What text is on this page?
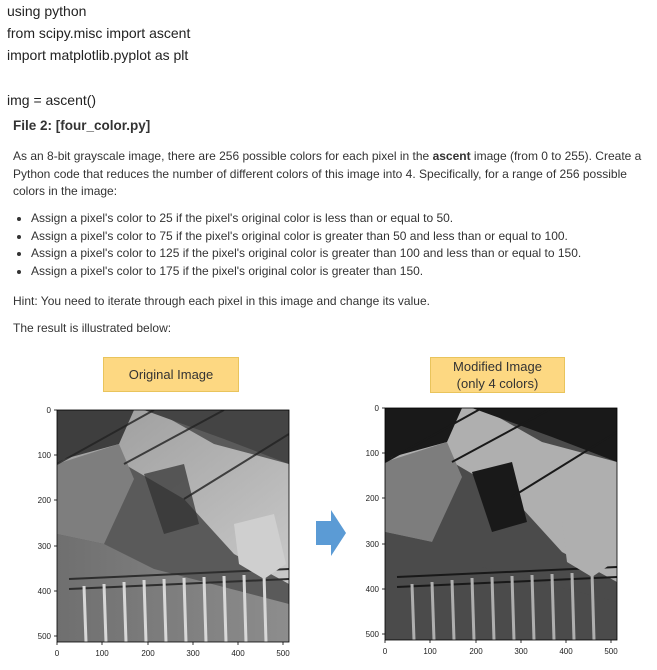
using python
from scipy.misc import ascent
import matplotlib.pyplot as plt
img = ascent()
File 2: [four_color.py]
As an 8-bit grayscale image, there are 256 possible colors for each pixel in the ascent image (from 0 to 255). Create a Python code that reduces the number of different colors of this image into 4. Specifically, for a range of 256 possible colors in the image:
• Assign a pixel's color to 25 if the pixel's original color is less than or equal to 50.
• Assign a pixel's color to 75 if the pixel's original color is greater than 50 and less than or equal to 100.
• Assign a pixel's color to 125 if the pixel's original color is greater than 100 and less than or equal to 150.
• Assign a pixel's color to 175 if the pixel's original color is greater than 150.
Hint: You need to iterate through each pixel in this image and change its value.
The result is illustrated below:
Original Image
Modified Image
(only 4 colors)
0
100
200
300
400
500
0	100	200	300	400	500
0
100
200
300
400
500
0	100	200	300	400	500
